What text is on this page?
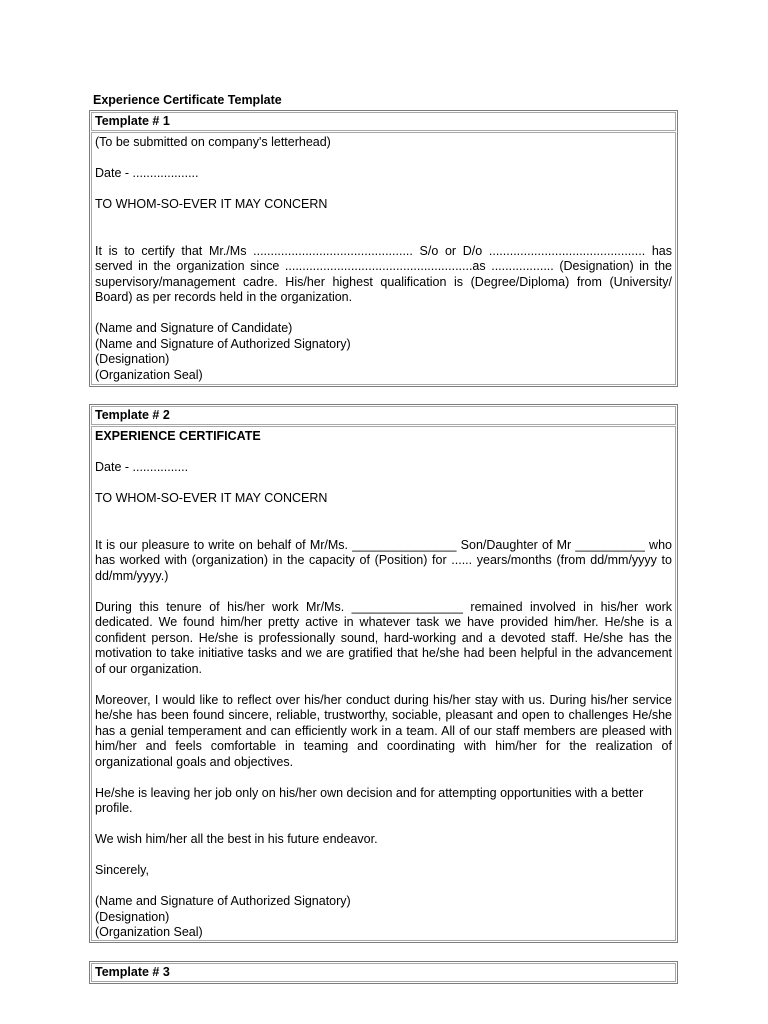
Experience Certificate Template
Template # 1

(To be submitted on company's letterhead)

Date - ...................

TO WHOM-SO-EVER IT MAY CONCERN

It is to certify that Mr./Ms .............................................. S/o or D/o ............................................. has served in the organization since ......................................................as .................. (Designation) in the supervisory/management cadre. His/her highest qualification is (Degree/Diploma) from (University/ Board) as per records held in the organization.

(Name and Signature of Candidate)

(Name and Signature of Authorized Signatory)

(Designation)

(Organization Seal)

Template # 2

EXPERIENCE CERTIFICATE

Date - ................

TO WHOM-SO-EVER IT MAY CONCERN

It is our pleasure to write on behalf of Mr/Ms. _______________ Son/Daughter of Mr __________ who has worked with (organization) in the capacity of (Position) for ...... years/months (from dd/mm/yyyy to dd/mm/yyyy.)

During this tenure of his/her work Mr/Ms. ________________ remained involved in his/her work dedicated. We found him/her pretty active in whatever task we have provided him/her. He/she is a confident person. He/she is professionally sound, hard-working and a devoted staff. He/she has the motivation to take initiative tasks and we are gratified that he/she had been helpful in the advancement of our organization.

Moreover, I would like to reflect over his/her conduct during his/her stay with us. During his/her service he/she has been found sincere, reliable, trustworthy, sociable, pleasant and open to challenges He/she has a genial temperament and can efficiently work in a team. All of our staff members are pleased with him/her and feels comfortable in teaming and coordinating with him/her for the realization of organizational goals and objectives.

He/she is leaving her job only on his/her own decision and for attempting opportunities with a better profile.

We wish him/her all the best in his future endeavor.

Sincerely,

(Name and Signature of Authorized Signatory)

(Designation)

(Organization Seal)

Template # 3
